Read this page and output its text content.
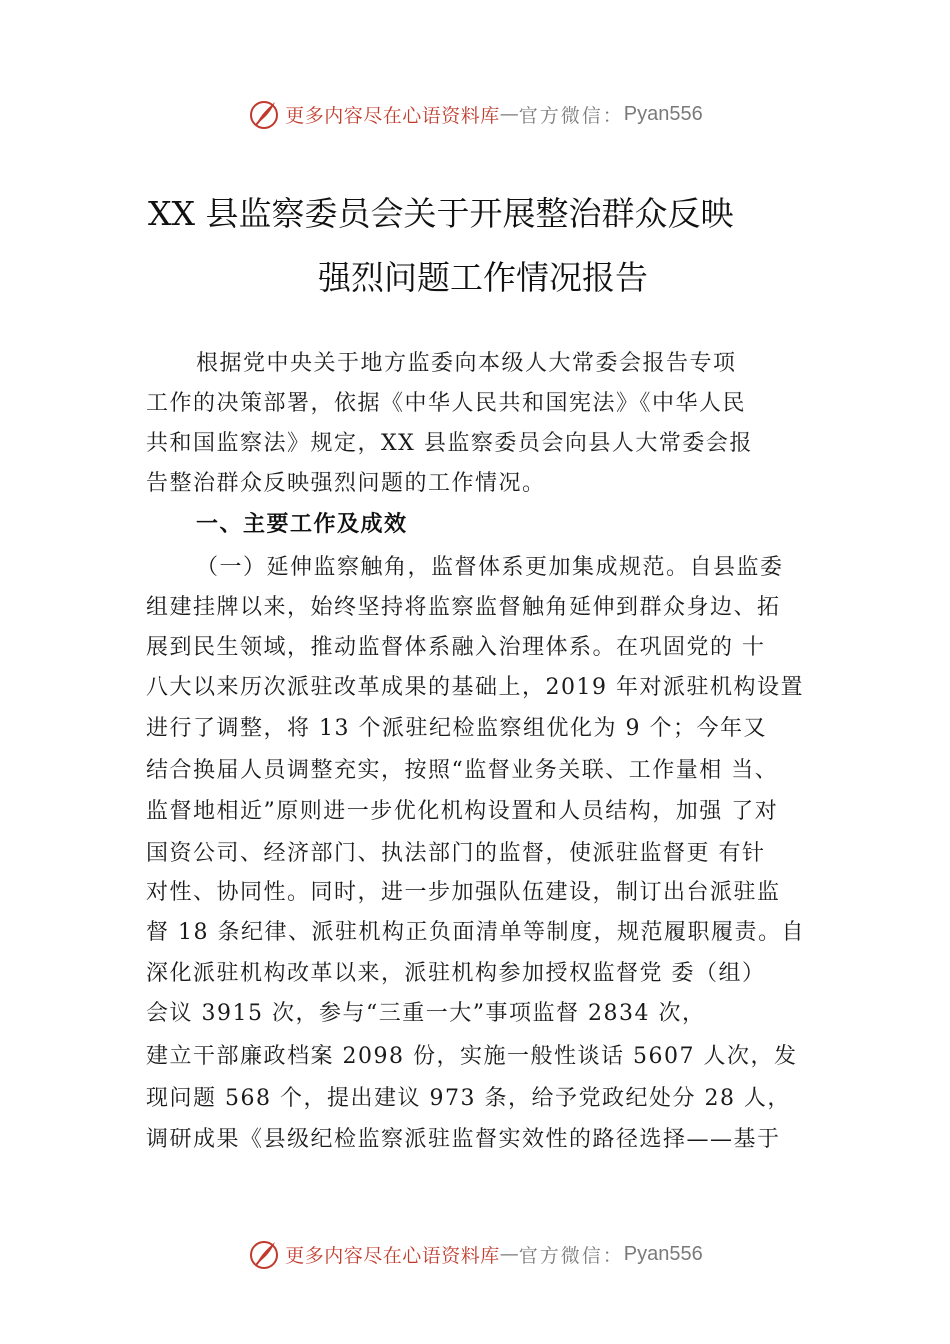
更多内容尽在心语资料库 — 官方微信： Pyan556
XX 县监察委员会关于开展整治群众反映
强烈问题工作情况报告
根据党中央关于地方监委向本级人大常委会报告专项
工作的决策部署，依据《中华人民共和国宪法》《中华人民
共和国监察法》规定，XX 县监察委员会向县人大常委会报
告整治群众反映强烈问题的工作情况。
一、主要工作及成效
（一）延伸监察触角，监督体系更加集成规范。自县监委
组建挂牌以来，始终坚持将监察监督触角延伸到群众身边、拓
展到民生领域，推动监督体系融入治理体系。在巩固党的 十
八大以来历次派驻改革成果的基础上，2019 年对派驻机构设置
进行了调整，将 13 个派驻纪检监察组优化为 9 个；今年又
结合换届人员调整充实，按照“监督业务关联、工作量相 当、
监督地相近”原则进一步优化机构设置和人员结构，加强 了对
国资公司、经济部门、执法部门的监督，使派驻监督更 有针
对性、协同性。同时，进一步加强队伍建设，制订出台派驻监
督 18 条纪律、派驻机构正负面清单等制度，规范履职履责。自
深化派驻机构改革以来，派驻机构参加授权监督党 委（组）
会议 3915 次，参与“三重一大”事项监督 2834 次，
建立干部廉政档案 2098 份，实施一般性谈话 5607 人次，发
现问题 568 个，提出建议 973 条，给予党政纪处分 28 人，
调研成果《县级纪检监察派驻监督实效性的路径选择——基于
更多内容尽在心语资料库 — 官方微信： Pyan556
